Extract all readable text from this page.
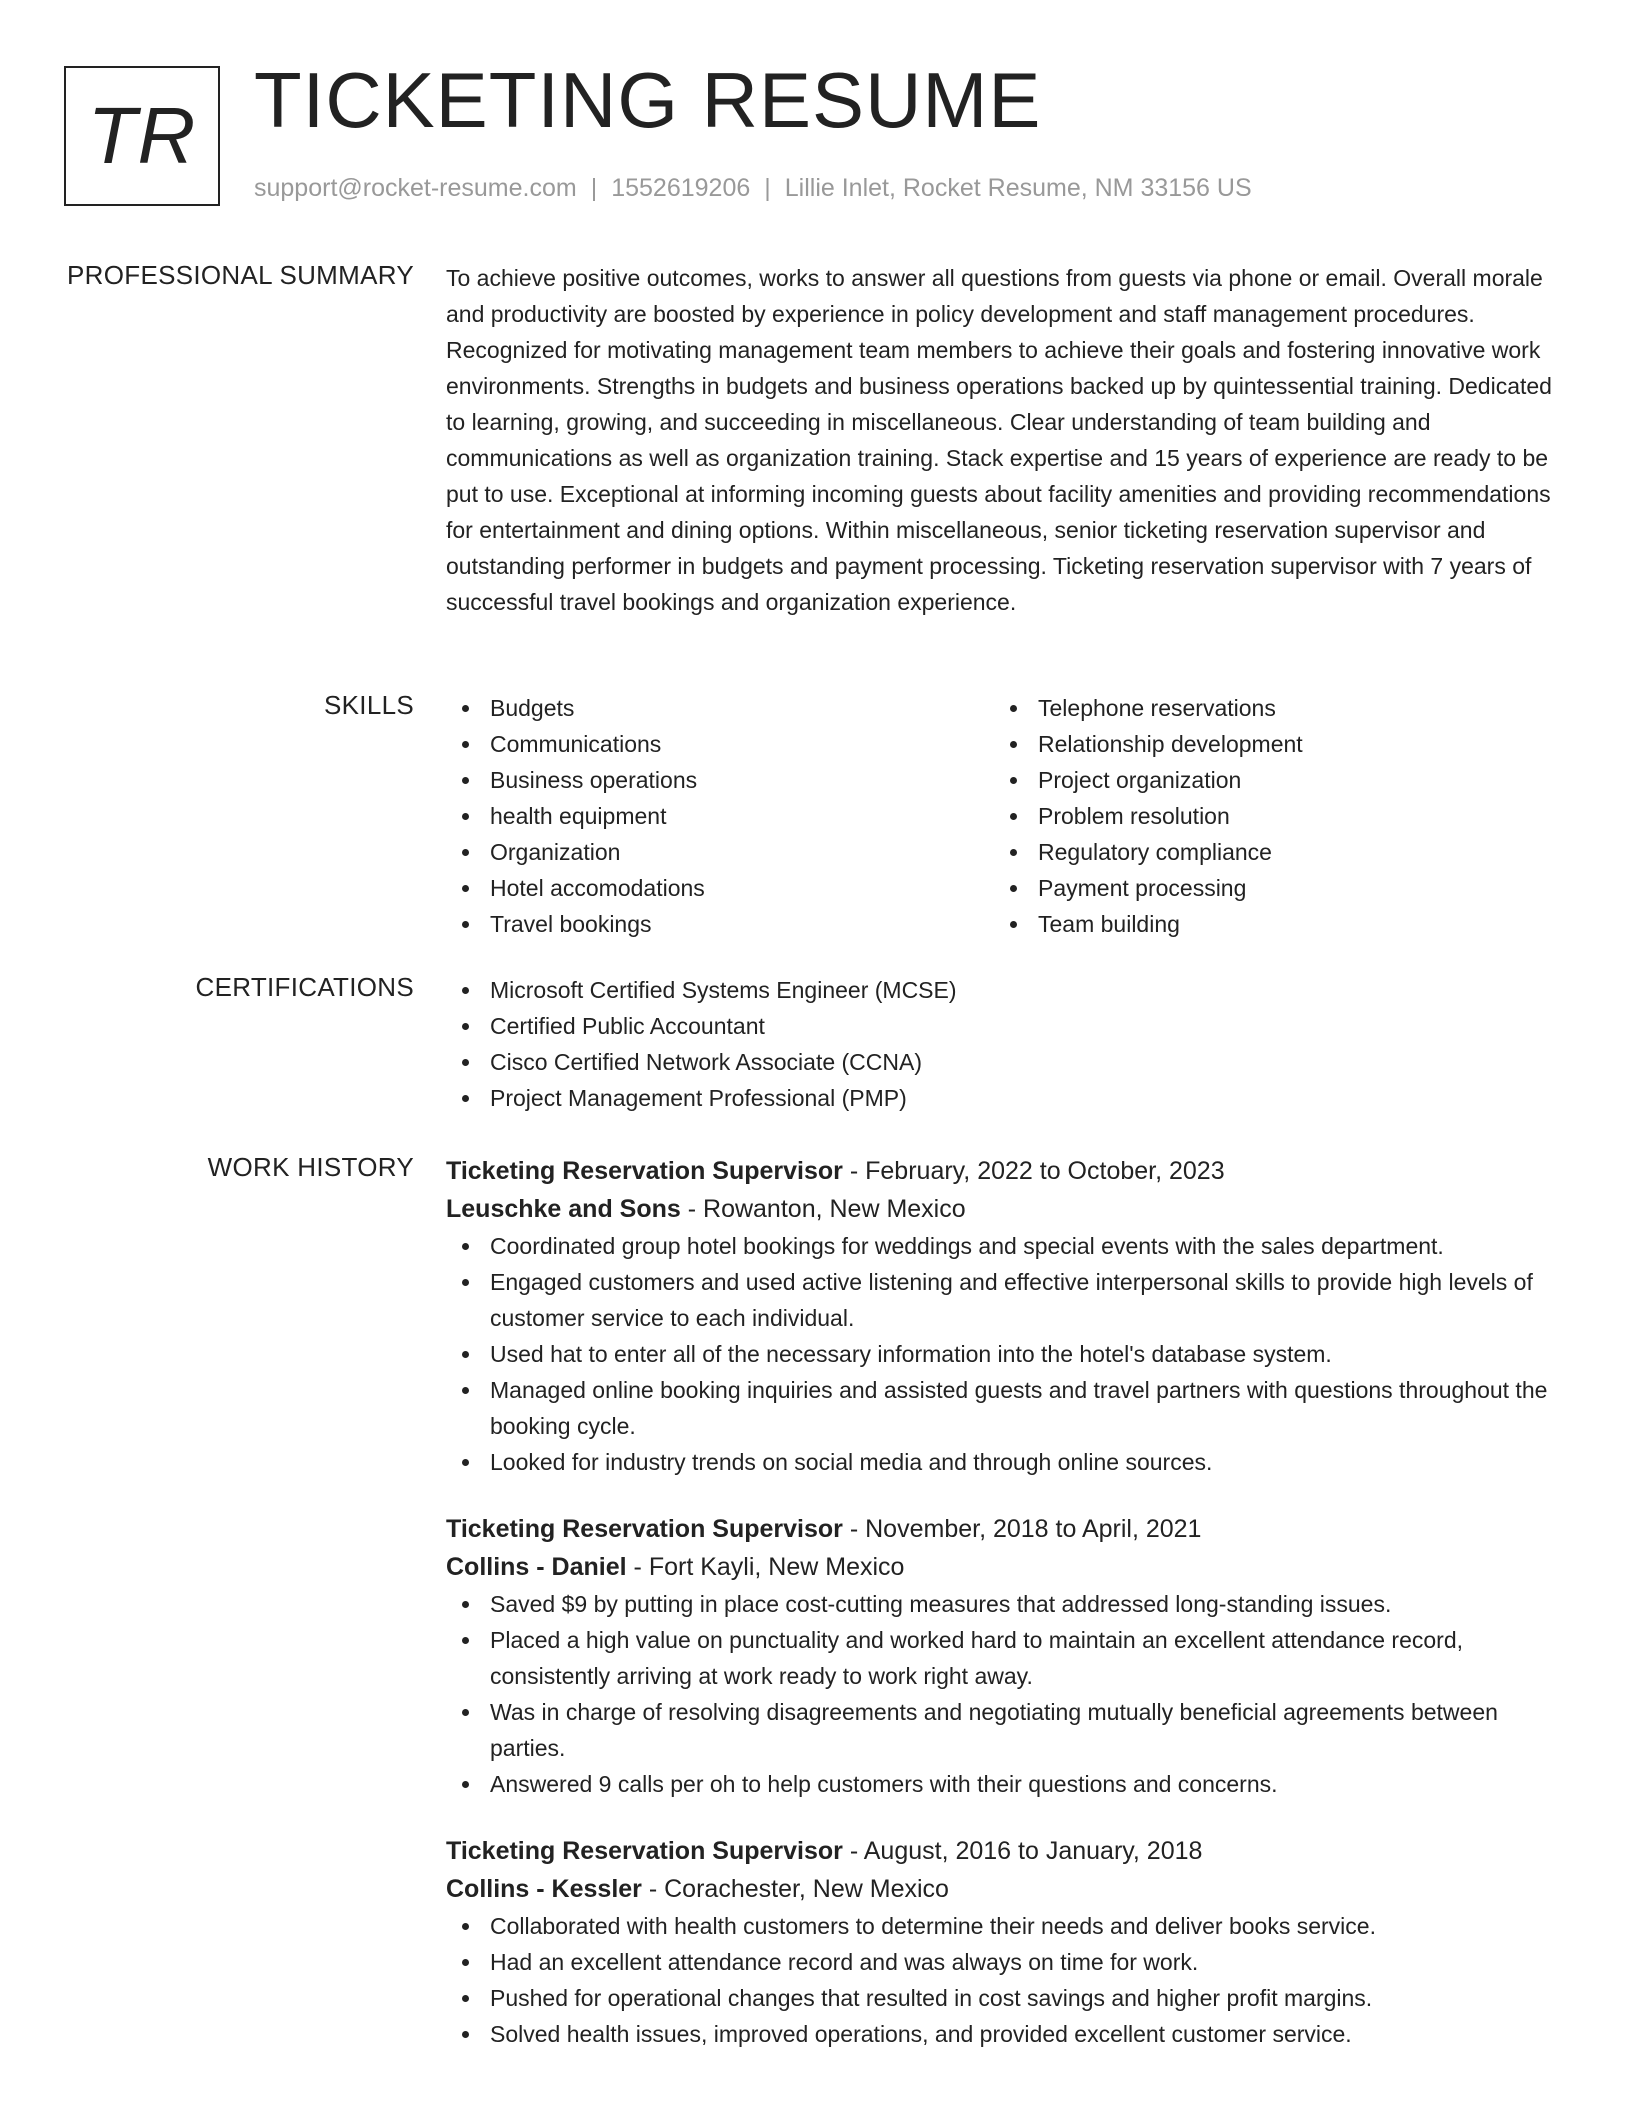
TR TICKETING RESUME
support@rocket-resume.com | 1552619206 | Lillie Inlet, Rocket Resume, NM 33156 US
PROFESSIONAL SUMMARY To achieve positive outcomes, works to answer all questions from guests via phone or email. Overall morale and productivity are boosted by experience in policy development and staff management procedures. Recognized for motivating management team members to achieve their goals and fostering innovative work environments. Strengths in budgets and business operations backed up by quintessential training. Dedicated to learning, growing, and succeeding in miscellaneous. Clear understanding of team building and communications as well as organization training. Stack expertise and 15 years of experience are ready to be put to use. Exceptional at informing incoming guests about facility amenities and providing recommendations for entertainment and dining options. Within miscellaneous, senior ticketing reservation supervisor and outstanding performer in budgets and payment processing. Ticketing reservation supervisor with 7 years of successful travel bookings and organization experience.

SKILLS	Budgets
Communications
Business operations
health equipment
Organization
Hotel accomodations
Travel bookings
Telephone reservations
Relationship development
Project organization
Problem resolution
Regulatory compliance
Payment processing
Team building
CERTIFICATIONS	Microsoft Certified Systems Engineer (MCSE)
Certified Public Accountant
Cisco Certified Network Associate (CCNA)
Project Management Professional (PMP)
WORK HISTORY Ticketing Reservation Supervisor - February, 2022 to October, 2023
Leuschke and Sons - Rowanton, New Mexico
Coordinated group hotel bookings for weddings and special events with the sales department.
Engaged customers and used active listening and effective interpersonal skills to provide high levels of customer service to each individual.
Used hat to enter all of the necessary information into the hotel's database system.
Managed online booking inquiries and assisted guests and travel partners with questions throughout the booking cycle.
Looked for industry trends on social media and through online sources.
Ticketing Reservation Supervisor - November, 2018 to April, 2021
Collins - Daniel - Fort Kayli, New Mexico
Saved $9 by putting in place cost-cutting measures that addressed long-standing issues.
Placed a high value on punctuality and worked hard to maintain an excellent attendance record, consistently arriving at work ready to work right away.
Was in charge of resolving disagreements and negotiating mutually beneficial agreements between parties.
Answered 9 calls per oh to help customers with their questions and concerns.
Ticketing Reservation Supervisor - August, 2016 to January, 2018
Collins - Kessler - Corachester, New Mexico
Collaborated with health customers to determine their needs and deliver books service.
Had an excellent attendance record and was always on time for work.
Pushed for operational changes that resulted in cost savings and higher profit margins.
Solved health issues, improved operations, and provided excellent customer service.
